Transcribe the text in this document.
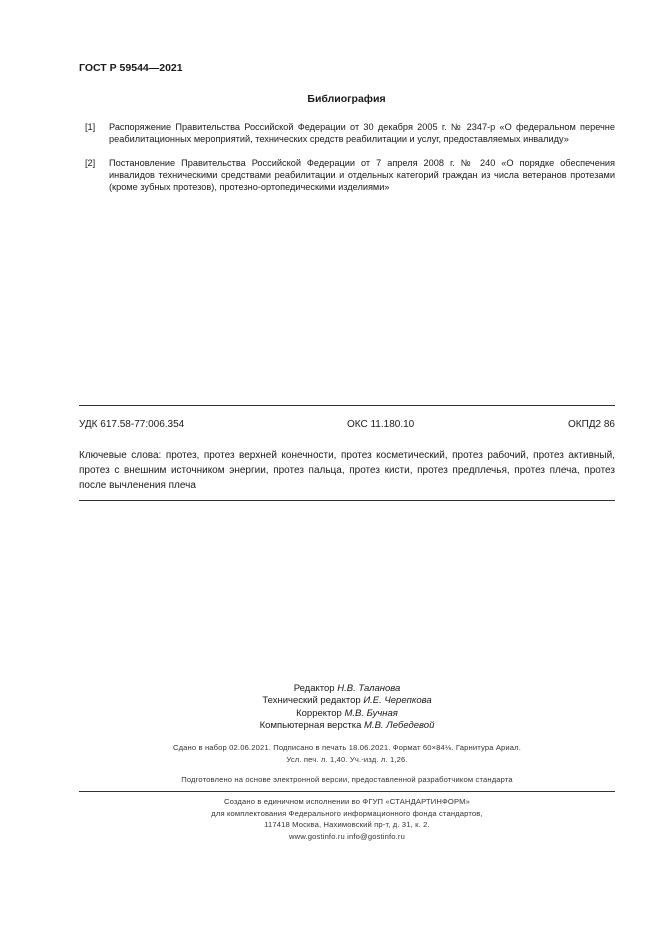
ГОСТ Р 59544—2021
Библиография
[1] Распоряжение Правительства Российской Федерации от 30 декабря 2005 г. № 2347-р «О федеральном перечне реабилитационных мероприятий, технических средств реабилитации и услуг, предоставляемых инвалиду»
[2] Постановление Правительства Российской Федерации от 7 апреля 2008 г. № 240 «О порядке обеспечения инвалидов техническими средствами реабилитации и отдельных категорий граждан из числа ветеранов протезами (кроме зубных протезов), протезно-ортопедическими изделиями»
УДК 617.58-77:006.354	ОКС 11.180.10	ОКПД2 86
Ключевые слова: протез, протез верхней конечности, протез косметический, протез рабочий, протез активный, протез с внешним источником энергии, протез пальца, протез кисти, протез предплечья, протез плеча, протез после вычленения плеча
Редактор Н.В. Таланова
Технический редактор И.Е. Черепкова
Корректор М.В. Бучная
Компьютерная верстка М.В. Лебедевой
Сдано в набор 02.06.2021. Подписано в печать 18.06.2021. Формат 60×84⅛. Гарнитура Ариал.
Усл. печ. л. 1,40. Уч.-изд. л. 1,26.
Подготовлено на основе электронной версии, предоставленной разработчиком стандарта
Создано в единичном исполнении во ФГУП «СТАНДАРТИНФОРМ»
для комплектования Федерального информационного фонда стандартов,
117418 Москва, Нахимовский пр-т, д. 31, к. 2.
www.gostinfo.ru info@gostinfo.ru
